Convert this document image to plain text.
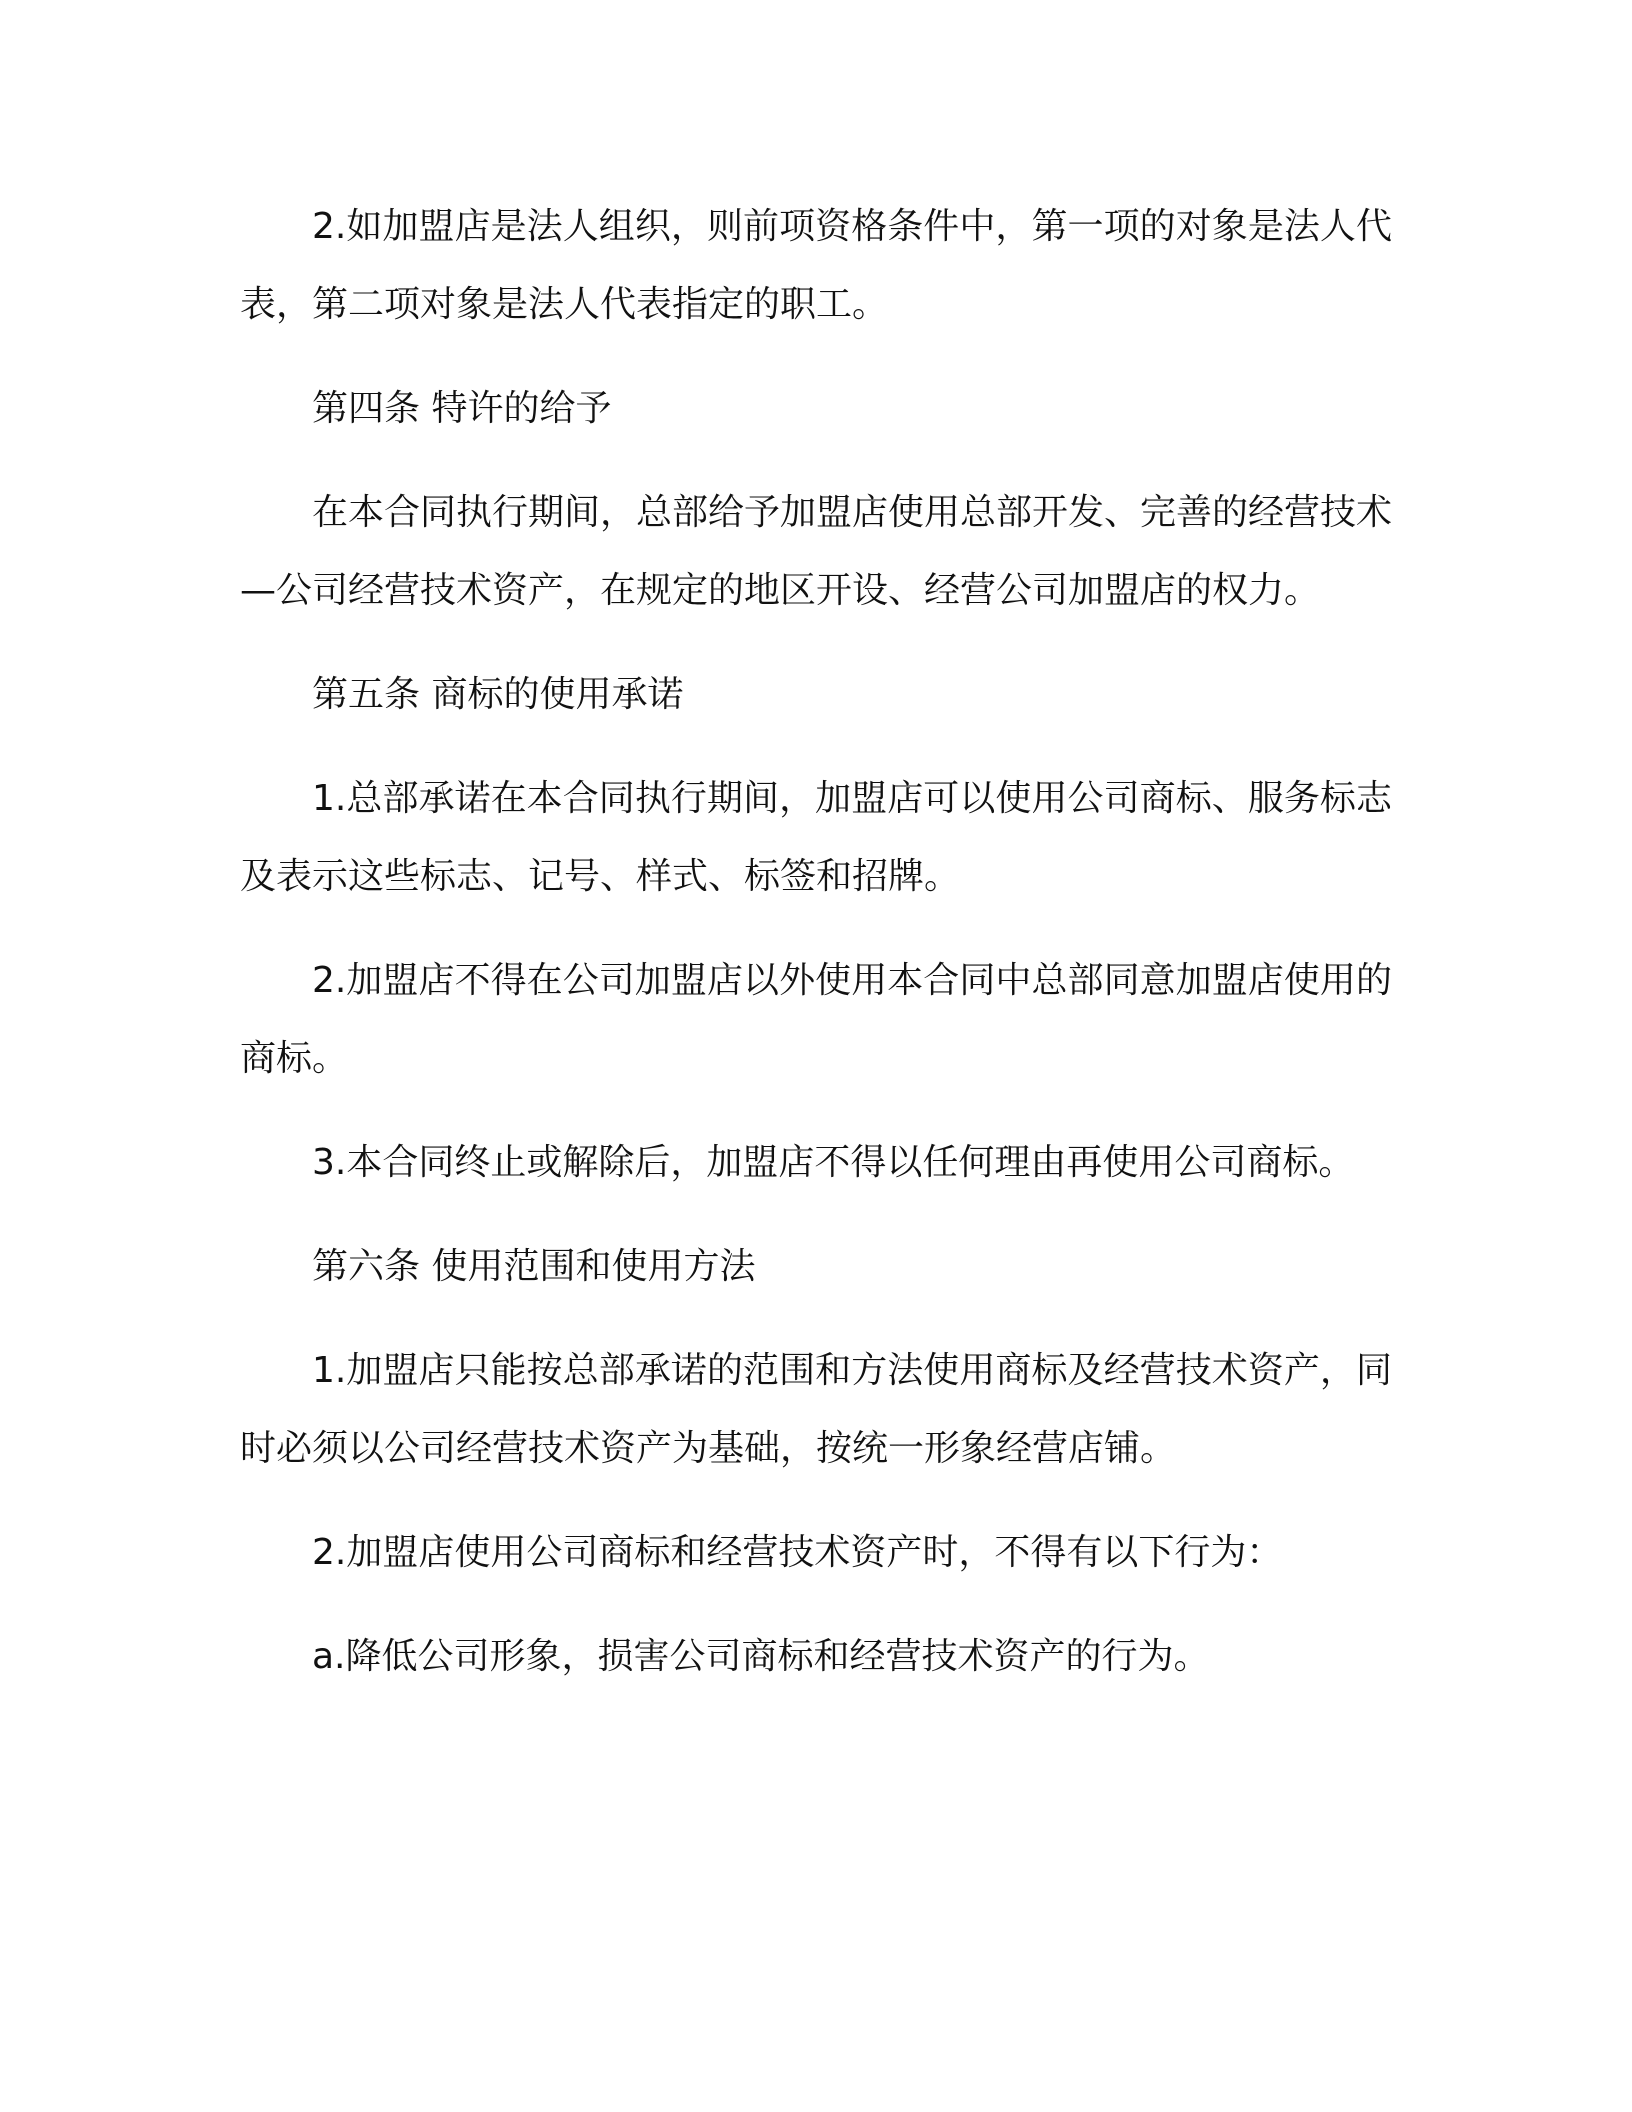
2.如加盟店是法人组织，则前项资格条件中，第一项的对象是法人代表，第二项对象是法人代表指定的职工。

第四条 特许的给予

在本合同执行期间，总部给予加盟店使用总部开发、完善的经营技术—公司经营技术资产，在规定的地区开设、经营公司加盟店的权力。

第五条 商标的使用承诺

1.总部承诺在本合同执行期间，加盟店可以使用公司商标、服务标志及表示这些标志、记号、样式、标签和招牌。

2.加盟店不得在公司加盟店以外使用本合同中总部同意加盟店使用的商标。

3.本合同终止或解除后，加盟店不得以任何理由再使用公司商标。

第六条 使用范围和使用方法

1.加盟店只能按总部承诺的范围和方法使用商标及经营技术资产，同时必须以公司经营技术资产为基础，按统一形象经营店铺。

2.加盟店使用公司商标和经营技术资产时，不得有以下行为：

a.降低公司形象，损害公司商标和经营技术资产的行为。
